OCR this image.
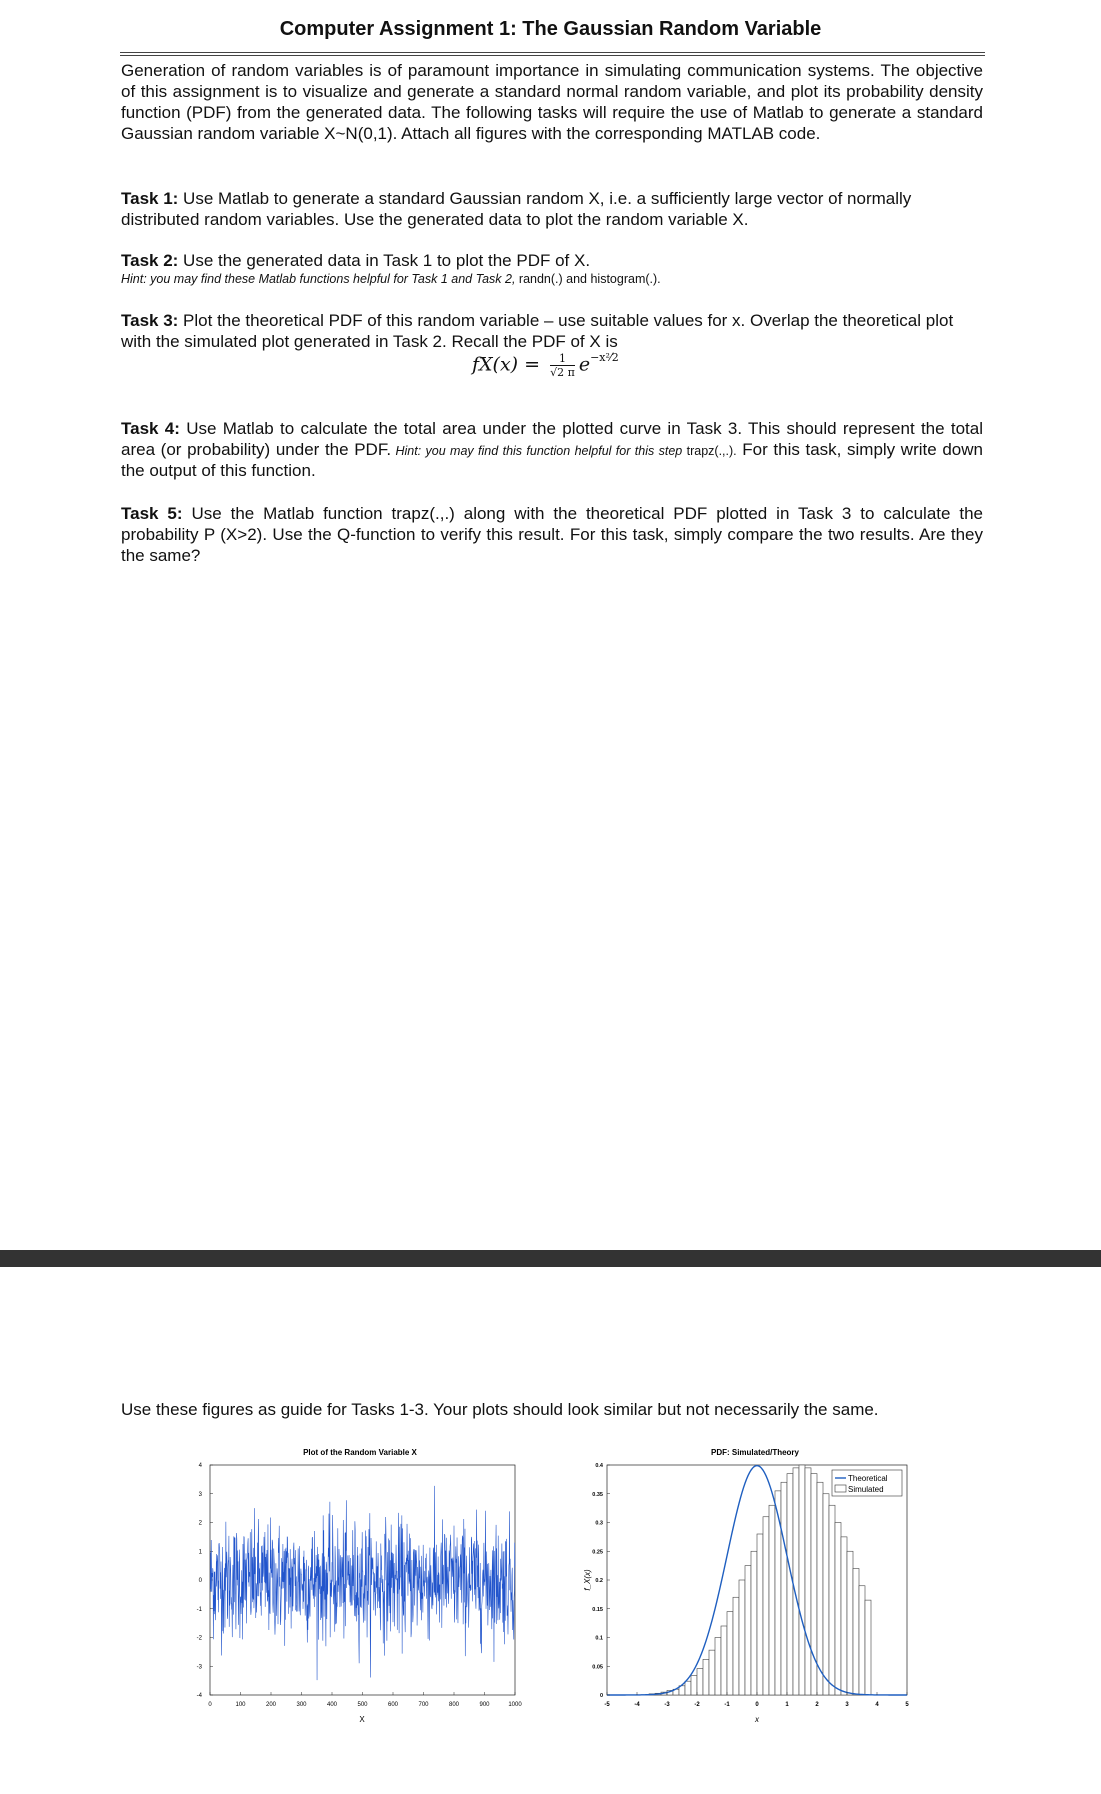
Computer Assignment 1: The Gaussian Random Variable
Generation of random variables is of paramount importance in simulating communication systems. The objective of this assignment is to visualize and generate a standard normal random variable, and plot its probability density function (PDF) from the generated data. The following tasks will require the use of Matlab to generate a standard Gaussian random variable X~N(0,1). Attach all figures with the corresponding MATLAB code.
Task 1: Use Matlab to generate a standard Gaussian random X, i.e. a sufficiently large vector of normally distributed random variables. Use the generated data to plot the random variable X.
Task 2: Use the generated data in Task 1 to plot the PDF of X.
Hint: you may find these Matlab functions helpful for Task 1 and Task 2, randn(.) and histogram(.).
Task 3: Plot the theoretical PDF of this random variable – use suitable values for x. Overlap the theoretical plot with the simulated plot generated in Task 2. Recall the PDF of X is
$fX(x) = \frac{1}{√2 \pi} e^{-x^2⁄2}$
Task 4: Use Matlab to calculate the total area under the plotted curve in Task 3. This should represent the total area (or probability) under the PDF. Hint: you may find this function helpful for this step trapz(.,.). For this task, simply write down the output of this function.
Task 5: Use the Matlab function trapz(.,.) along with the theoretical PDF plotted in Task 3 to calculate the probability P (X>2). Use the Q-function to verify this result. For this task, simply compare the two results. Are they the same?
Use these figures as guide for Tasks 1-3. Your plots should look similar but not necessarily the same.
Plot of the Random Variable X
0	100	200	300	400	500	600	700	800	900	1000
-4
-3
-2
-1
0
1
2
3
4
X
PDF: Simulated/Theory
-5	-4	-3	-2	-1	0	1	2	3	4	5
0
0.05
0.1
0.15
0.2
0.25
0.3
0.35
0.4
Theoretical
Simulated
x
f_X(x)
